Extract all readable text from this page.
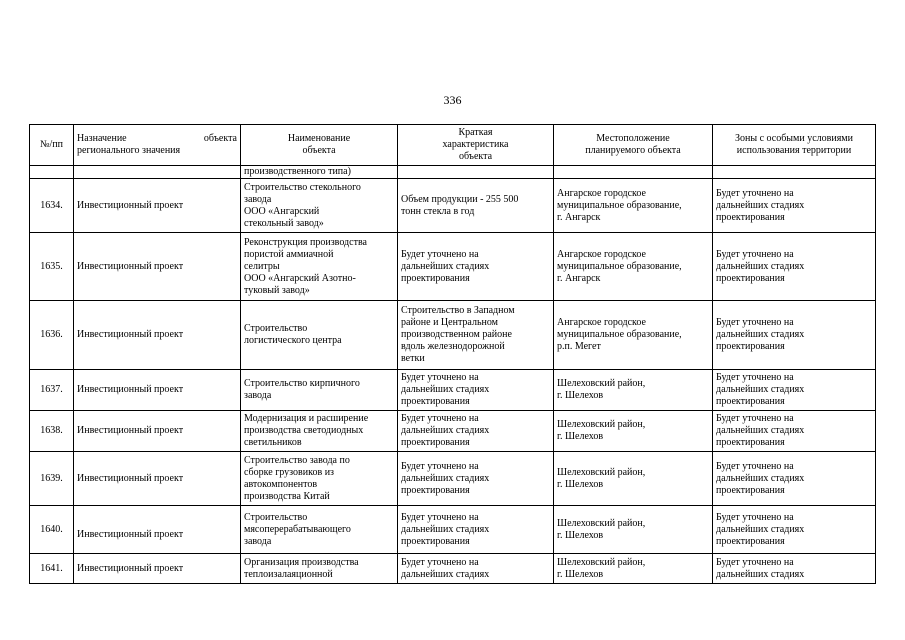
336
№/пп	Назначение объекта
регионального значения	Наименование
объекта	Краткая
характеристика
объекта	Местоположение
планируемого объекта	Зоны с особыми условиями
использования территории

		производственного типа)			

1634.	Инвестиционный проект	Строительство стекольного
завода
ООО «Ангарский
стекольный завод»	Объем продукции - 255 500
тонн стекла в год	Ангарское городское
муниципальное образование,
г. Ангарск	Будет уточнено на
дальнейших стадиях
проектирования

1635.	Инвестиционный проект	Реконструкция производства
пористой аммиачной
селитры
ООО «Ангарский Азотно-
туковый завод»	Будет уточнено на
дальнейших стадиях
проектирования	Ангарское городское
муниципальное образование,
г. Ангарск	Будет уточнено на
дальнейших стадиях
проектирования

1636.	Инвестиционный проект	Строительство
логистического центра	Строительство в Западном
районе и Центральном
производственном районе
вдоль железнодорожной
ветки	Ангарское городское
муниципальное образование,
р.п. Мегет	Будет уточнено на
дальнейших стадиях
проектирования

1637.	Инвестиционный проект	Строительство кирпичного
завода	Будет уточнено на
дальнейших стадиях
проектирования	Шелеховский район,
г. Шелехов	Будет уточнено на
дальнейших стадиях
проектирования

1638.	Инвестиционный проект	Модернизация и расширение
производства светодиодных
светильников	Будет уточнено на
дальнейших стадиях
проектирования	Шелеховский район,
г. Шелехов	Будет уточнено на
дальнейших стадиях
проектирования

1639.	Инвестиционный проект	Строительство завода по
сборке грузовиков из
автокомпонентов
производства Китай	Будет уточнено на
дальнейших стадиях
проектирования	Шелеховский район,
г. Шелехов	Будет уточнено на
дальнейших стадиях
проектирования

1640.	Инвестиционный проект	Строительство
мясоперерабатывающего
завода	Будет уточнено на
дальнейших стадиях
проектирования	Шелеховский район,
г. Шелехов	Будет уточнено на
дальнейших стадиях
проектирования

1641.	Инвестиционный проект	Организация производства
теплоизалаяционной	Будет уточнено на
дальнейших стадиях	Шелеховский район,
г. Шелехов	Будет уточнено на
дальнейших стадиях
